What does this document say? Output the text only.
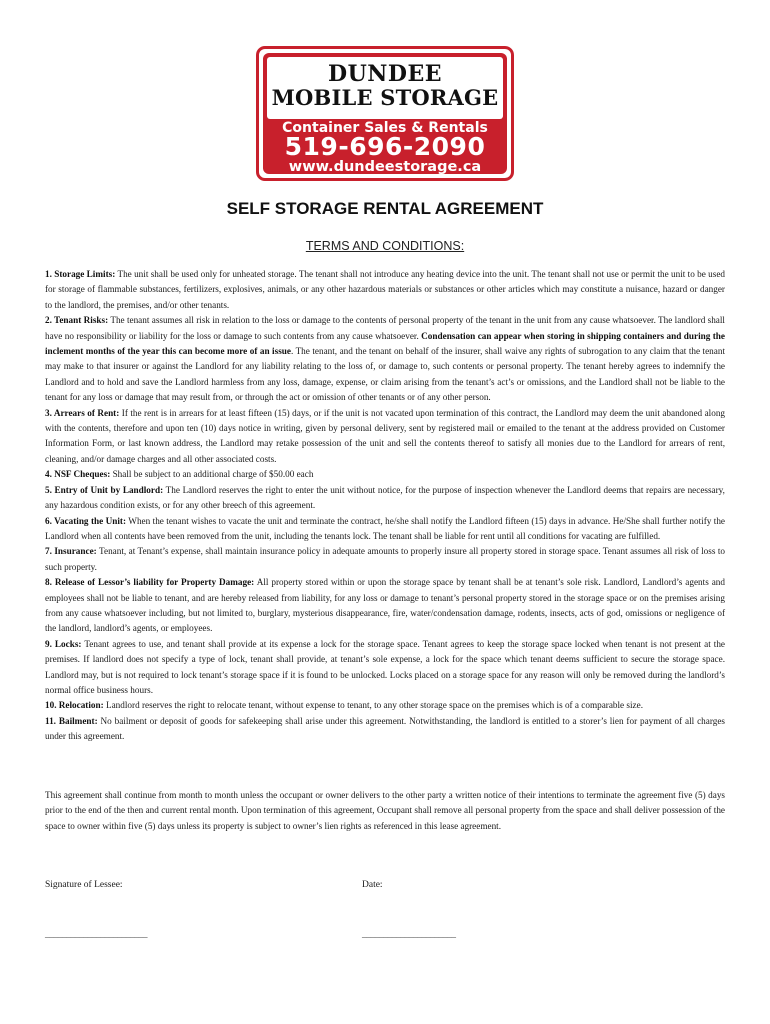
DUNDEE
MOBILE STORAGE
Container Sales & Rentals
519-696-2090
www.dundeestorage.ca
SELF STORAGE RENTAL AGREEMENT
TERMS AND CONDITIONS:

1. Storage Limits: The unit shall be used only for unheated storage. The tenant shall not introduce any heating device into the unit. The tenant shall not use or permit the unit to be used for storage of flammable substances, fertilizers, explosives, animals, or any other hazardous materials or substances or other articles which may constitute a nuisance, hazard or danger to the landlord, the premises, and/or other tenants.

2. Tenant Risks: The tenant assumes all risk in relation to the loss or damage to the contents of personal property of the tenant in the unit from any cause whatsoever. The landlord shall have no responsibility or liability for the loss or damage to such contents from any cause whatsoever. Condensation can appear when storing in shipping containers and during the inclement months of the year this can become more of an issue. The tenant, and the tenant on behalf of the insurer, shall waive any rights of subrogation to any claim that the tenant may make to that insurer or against the Landlord for any liability relating to the loss of, or damage to, such contents or personal property. The tenant hereby agrees to indemnify the Landlord and to hold and save the Landlord harmless from any loss, damage, expense, or claim arising from the tenant’s act’s or omissions, and the Landlord shall not be liable to the tenant for any loss or damage that may result from, or through the act or omission of other tenants or of any other person.

3. Arrears of Rent: If the rent is in arrears for at least fifteen (15) days, or if the unit is not vacated upon termination of this contract, the Landlord may deem the unit abandoned along with the contents, therefore and upon ten (10) days notice in writing, given by personal delivery, sent by registered mail or emailed to the tenant at the address provided on Customer Information Form, or last known address, the Landlord may retake possession of the unit and sell the contents thereof to satisfy all monies due to the Landlord for arrears of rent, cleaning, and/or damage charges and all other associated costs.

4. NSF Cheques: Shall be subject to an additional charge of $50.00 each

5. Entry of Unit by Landlord: The Landlord reserves the right to enter the unit without notice, for the purpose of inspection whenever the Landlord deems that repairs are necessary, any hazardous condition exists, or for any other breech of this agreement.

6. Vacating the Unit: When the tenant wishes to vacate the unit and terminate the contract, he/she shall notify the Landlord fifteen (15) days in advance. He/She shall further notify the Landlord when all contents have been removed from the unit, including the tenants lock. The tenant shall be liable for rent until all conditions for vacating are fulfilled.

7. Insurance: Tenant, at Tenant’s expense, shall maintain insurance policy in adequate amounts to properly insure all property stored in storage space. Tenant assumes all risk of loss to such property.

8. Release of Lessor’s liability for Property Damage: All property stored within or upon the storage space by tenant shall be at tenant’s sole risk. Landlord, Landlord’s agents and employees shall not be liable to tenant, and are hereby released from liability, for any loss or damage to tenant’s personal property stored in the storage space or on the premises arising from any cause whatsoever including, but not limited to, burglary, mysterious disappearance, fire, water/condensation damage, rodents, insects, acts of god, omissions or negligence of the landlord, landlord’s agents, or employees.

9. Locks: Tenant agrees to use, and tenant shall provide at its expense a lock for the storage space. Tenant agrees to keep the storage space locked when tenant is not present at the premises. If landlord does not specify a type of lock, tenant shall provide, at tenant’s sole expense, a lock for the space which tenant deems sufficient to secure the storage space. Landlord may, but is not required to lock tenant’s storage space if it is found to be unlocked. Locks placed on a storage space for any reason will only be removed during the landlord’s normal office business hours.

10. Relocation: Landlord reserves the right to relocate tenant, without expense to tenant, to any other storage space on the premises which is of a comparable size.

11. Bailment: No bailment or deposit of goods for safekeeping shall arise under this agreement. Notwithstanding, the landlord is entitled to a storer’s lien for payment of all charges under this agreement.

This agreement shall continue from month to month unless the occupant or owner delivers to the other party a written notice of their intentions to terminate the agreement five (5) days prior to the end of the then and current rental month. Upon termination of this agreement, Occupant shall remove all personal property from the space and shall deliver possession of the space to owner within five (5) days unless its property is subject to owner’s lien rights as referenced in this lease agreement.

Signature of Lessee:	Date:
________________________	______________________
